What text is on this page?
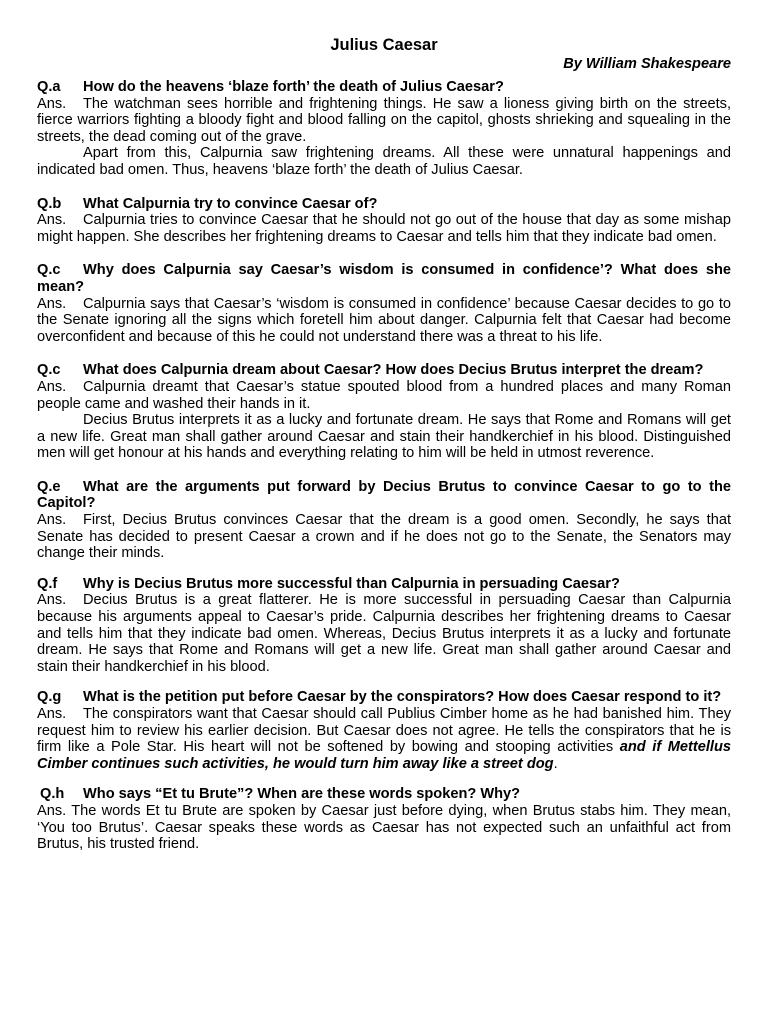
Julius Caesar

By William Shakespeare

Q.a How do the heavens ‘blaze forth’ the death of Julius Caesar?

Ans. The watchman sees horrible and frightening things. He saw a lioness giving birth on the streets, fierce warriors fighting a bloody fight and blood falling on the capitol, ghosts shrieking and squealing in the streets, the dead coming out of the grave.

Apart from this, Calpurnia saw frightening dreams. All these were unnatural happenings and indicated bad omen. Thus, heavens ‘blaze forth’ the death of Julius Caesar.

Q.b What Calpurnia try to convince Caesar of?

Ans. Calpurnia tries to convince Caesar that he should not go out of the house that day as some mishap might happen. She describes her frightening dreams to Caesar and tells him that they indicate bad omen.

Q.c Why does Calpurnia say Caesar’s wisdom is consumed in confidence’? What does she mean?

Ans. Calpurnia says that Caesar’s ‘wisdom is consumed in confidence’ because Caesar decides to go to the Senate ignoring all the signs which foretell him about danger. Calpurnia felt that Caesar had become overconfident and because of this he could not understand there was a threat to his life.

Q.c What does Calpurnia dream about Caesar? How does Decius Brutus interpret the dream?

Ans. Calpurnia dreamt that Caesar’s statue spouted blood from a hundred places and many Roman people came and washed their hands in it.

Decius Brutus interprets it as a lucky and fortunate dream. He says that Rome and Romans will get a new life. Great man shall gather around Caesar and stain their handkerchief in his blood. Distinguished men will get honour at his hands and everything relating to him will be held in utmost reverence.

Q.e What are the arguments put forward by Decius Brutus to convince Caesar to go to the Capitol?

Ans. First, Decius Brutus convinces Caesar that the dream is a good omen. Secondly, he says that Senate has decided to present Caesar a crown and if he does not go to the Senate, the Senators may change their minds.

Q.f Why is Decius Brutus more successful than Calpurnia in persuading Caesar?

Ans. Decius Brutus is a great flatterer. He is more successful in persuading Caesar than Calpurnia because his arguments appeal to Caesar’s pride. Calpurnia describes her frightening dreams to Caesar and tells him that they indicate bad omen. Whereas, Decius Brutus interprets it as a lucky and fortunate dream. He says that Rome and Romans will get a new life. Great man shall gather around Caesar and stain their handkerchief in his blood.

Q.g What is the petition put before Caesar by the conspirators? How does Caesar respond to it?

Ans. The conspirators want that Caesar should call Publius Cimber home as he had banished him. They request him to review his earlier decision. But Caesar does not agree. He tells the conspirators that he is firm like a Pole Star. His heart will not be softened by bowing and stooping activities and if Mettellus Cimber continues such activities, he would turn him away like a street dog.

Q.h Who says “Et tu Brute”? When are these words spoken? Why?

Ans. The words Et tu Brute are spoken by Caesar just before dying, when Brutus stabs him. They mean, ‘You too Brutus’. Caesar speaks these words as Caesar has not expected such an unfaithful act from Brutus, his trusted friend.
